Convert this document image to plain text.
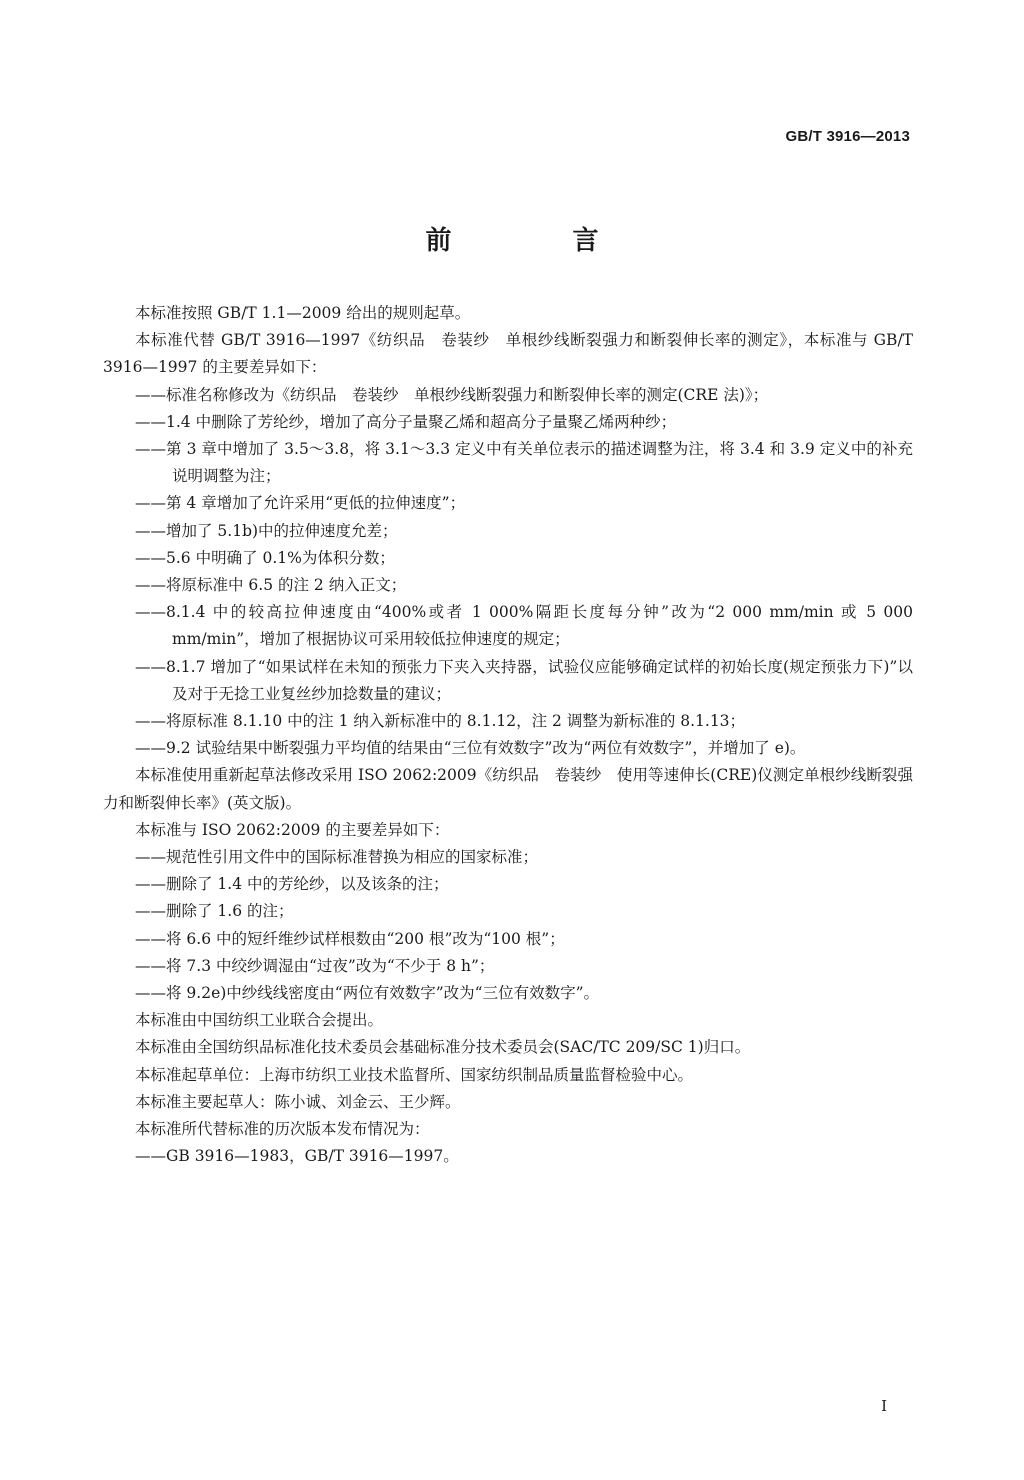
GB/T 3916—2013
前 言

本标准按照 GB/T 1.1—2009 给出的规则起草。

本标准代替 GB/T 3916—1997《纺织品　卷装纱　单根纱线断裂强力和断裂伸长率的测定》，本标准与 GB/T 3916—1997 的主要差异如下：

——标准名称修改为《纺织品　卷装纱　单根纱线断裂强力和断裂伸长率的测定(CRE 法)》；

——1.4 中删除了芳纶纱，增加了高分子量聚乙烯和超高分子量聚乙烯两种纱；

——第 3 章中增加了 3.5～3.8，将 3.1～3.3 定义中有关单位表示的描述调整为注，将 3.4 和 3.9 定义中的补充说明调整为注；

——第 4 章增加了允许采用“更低的拉伸速度”；

——增加了 5.1b)中的拉伸速度允差；

——5.6 中明确了 0.1%为体积分数；

——将原标准中 6.5 的注 2 纳入正文；

——8.1.4 中的较高拉伸速度由“400%或者 1 000%隔距长度每分钟”改为“2 000 mm/min 或 5 000 mm/min”，增加了根据协议可采用较低拉伸速度的规定；

——8.1.7 增加了“如果试样在未知的预张力下夹入夹持器，试验仪应能够确定试样的初始长度(规定预张力下)”以及对于无捻工业复丝纱加捻数量的建议；

——将原标准 8.1.10 中的注 1 纳入新标准中的 8.1.12，注 2 调整为新标准的 8.1.13；

——9.2 试验结果中断裂强力平均值的结果由“三位有效数字”改为“两位有效数字”，并增加了 e)。

本标准使用重新起草法修改采用 ISO 2062:2009《纺织品　卷装纱　使用等速伸长(CRE)仪测定单根纱线断裂强力和断裂伸长率》(英文版)。

本标准与 ISO 2062:2009 的主要差异如下：

——规范性引用文件中的国际标准替换为相应的国家标准；

——删除了 1.4 中的芳纶纱，以及该条的注；

——删除了 1.6 的注；

——将 6.6 中的短纤维纱试样根数由“200 根”改为“100 根”；

——将 7.3 中绞纱调湿由“过夜”改为“不少于 8 h”；

——将 9.2e)中纱线线密度由“两位有效数字”改为“三位有效数字”。

本标准由中国纺织工业联合会提出。

本标准由全国纺织品标准化技术委员会基础标准分技术委员会(SAC/TC 209/SC 1)归口。

本标准起草单位：上海市纺织工业技术监督所、国家纺织制品质量监督检验中心。

本标准主要起草人：陈小诚、刘金云、王少辉。

本标准所代替标准的历次版本发布情况为：

——GB 3916—1983，GB/T 3916—1997。

I
